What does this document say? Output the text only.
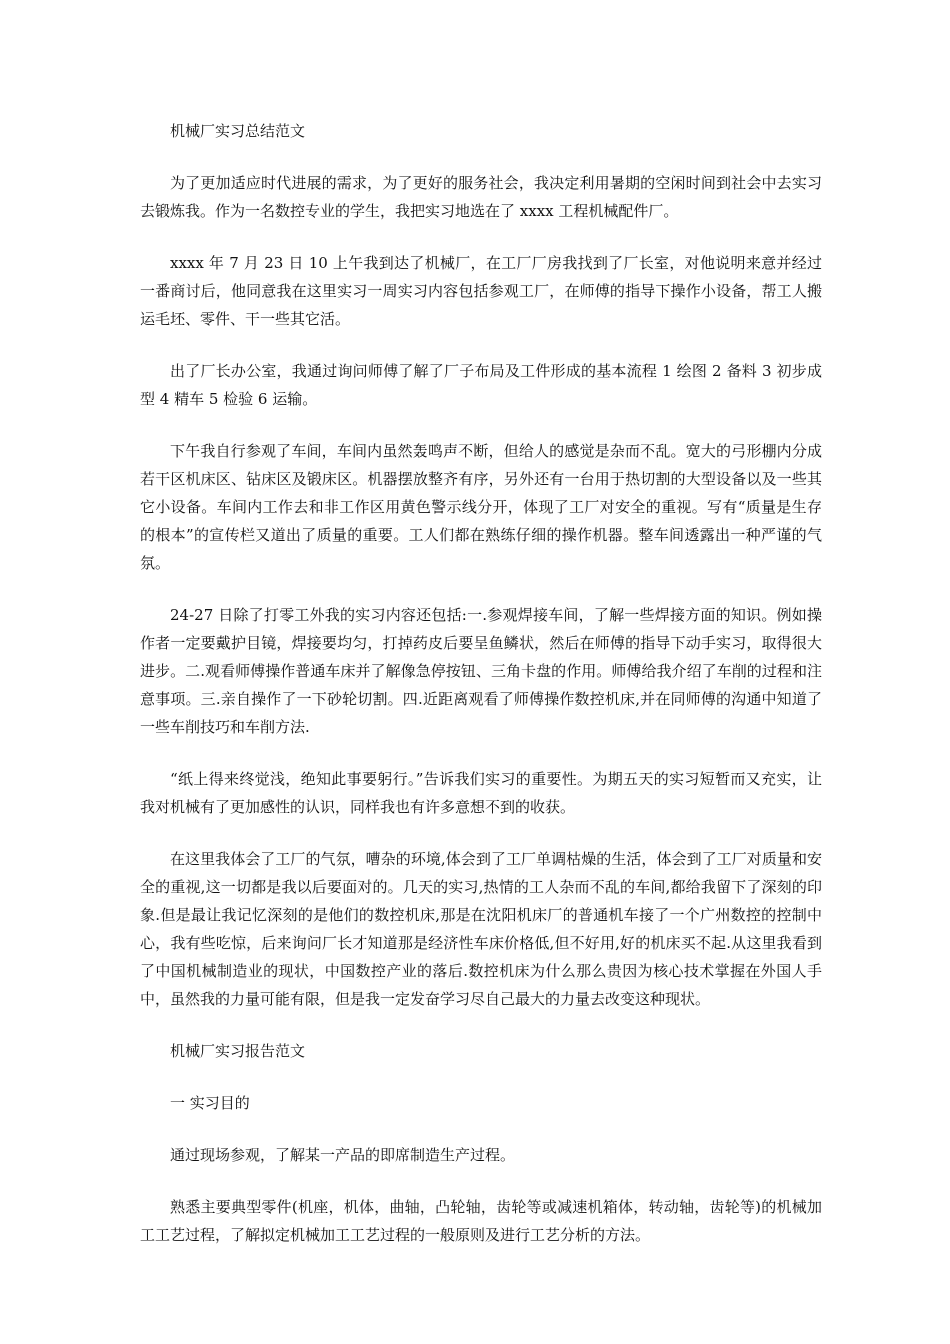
机械厂实习总结范文

为了更加适应时代进展的需求，为了更好的服务社会，我决定利用暑期的空闲时间到社会中去实习去锻炼我。作为一名数控专业的学生，我把实习地选在了 xxxx 工程机械配件厂。

xxxx 年 7 月 23 日 10 上午我到达了机械厂，在工厂厂房我找到了厂长室，对他说明来意并经过一番商讨后，他同意我在这里实习一周实习内容包括参观工厂，在师傅的指导下操作小设备，帮工人搬运毛坯、零件、干一些其它活。

出了厂长办公室，我通过询问师傅了解了厂子布局及工件形成的基本流程 1 绘图 2 备料 3 初步成型 4 精车 5 检验 6 运输。

下午我自行参观了车间，车间内虽然轰鸣声不断，但给人的感觉是杂而不乱。宽大的弓形棚内分成若干区机床区、钻床区及锻床区。机器摆放整齐有序，另外还有一台用于热切割的大型设备以及一些其它小设备。车间内工作去和非工作区用黄色警示线分开，体现了工厂对安全的重视。写有“质量是生存的根本”的宣传栏又道出了质量的重要。工人们都在熟练仔细的操作机器。整车间透露出一种严谨的气氛。

24-27 日除了打零工外我的实习内容还包括:一.参观焊接车间，了解一些焊接方面的知识。例如操作者一定要戴护目镜，焊接要均匀，打掉药皮后要呈鱼鳞状，然后在师傅的指导下动手实习，取得很大进步。二.观看师傅操作普通车床并了解像急停按钮、三角卡盘的作用。师傅给我介绍了车削的过程和注意事项。三.亲自操作了一下砂轮切割。四.近距离观看了师傅操作数控机床,并在同师傅的沟通中知道了一些车削技巧和车削方法.

“纸上得来终觉浅，绝知此事要躬行。”告诉我们实习的重要性。为期五天的实习短暂而又充实，让我对机械有了更加感性的认识，同样我也有许多意想不到的收获。

在这里我体会了工厂的气氛，嘈杂的环境,体会到了工厂单调枯燥的生活，体会到了工厂对质量和安全的重视,这一切都是我以后要面对的。几天的实习,热情的工人杂而不乱的车间,都给我留下了深刻的印象.但是最让我记忆深刻的是他们的数控机床,那是在沈阳机床厂的普通机车接了一个广州数控的控制中心，我有些吃惊，后来询问厂长才知道那是经济性车床价格低,但不好用,好的机床买不起.从这里我看到了中国机械制造业的现状，中国数控产业的落后.数控机床为什么那么贵因为核心技术掌握在外国人手中，虽然我的力量可能有限，但是我一定发奋学习尽自己最大的力量去改变这种现状。

机械厂实习报告范文

一 实习目的

通过现场参观，了解某一产品的即席制造生产过程。

熟悉主要典型零件(机座，机体，曲轴，凸轮轴，齿轮等或减速机箱体，转动轴，齿轮等)的机械加工工艺过程，了解拟定机械加工工艺过程的一般原则及进行工艺分析的方法。
